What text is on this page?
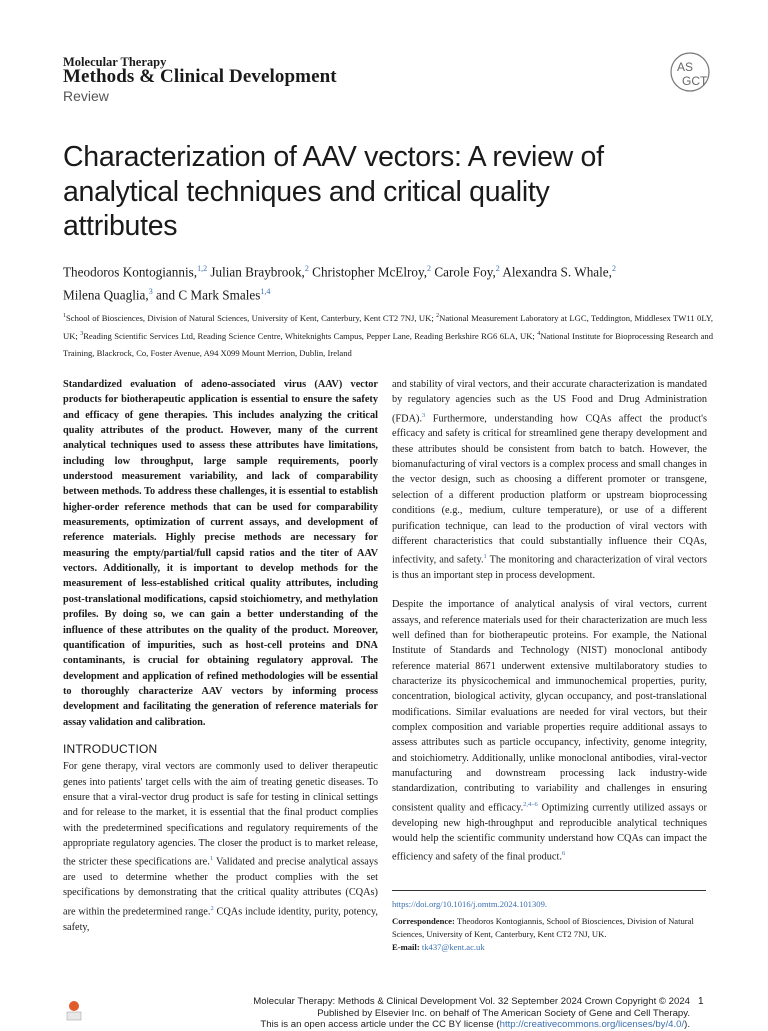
Molecular Therapy
Methods & Clinical Development
Review
AS
GCT
Characterization of AAV vectors: A review of analytical techniques and critical quality attributes
Theodoros Kontogiannis,$^{1,2}$ Julian Braybrook,$^2$ Christopher McElroy,$^2$ Carole Foy,$^2$ Alexandra S. Whale,$^2$
Milena Quaglia,$^3$ and C Mark Smales$^{1,4}$
$^1$School of Biosciences, Division of Natural Sciences, University of Kent, Canterbury, Kent CT2 7NJ, UK; $^2$National Measurement Laboratory at LGC, Teddington, Middlesex TW11 0LY, UK; $^3$Reading Scientific Services Ltd, Reading Science Centre, Whiteknights Campus, Pepper Lane, Reading Berkshire RG6 6LA, UK; $^4$National Institute for Bioprocessing Research and Training, Blackrock, Co, Foster Avenue, A94 X099 Mount Merrion, Dublin, Ireland

Standardized evaluation of adeno-associated virus (AAV) vector products for biotherapeutic application is essential to ensure the safety and efficacy of gene therapies. This includes analyzing the critical quality attributes of the product. However, many of the current analytical techniques used to assess these attributes have limitations, including low throughput, large sample requirements, poorly understood measurement variability, and lack of comparability between methods. To address these challenges, it is essential to establish higher-order reference methods that can be used for comparability measurements, optimization of current assays, and development of reference materials. Highly precise methods are necessary for measuring the empty/partial/full capsid ratios and the titer of AAV vectors. Additionally, it is important to develop methods for the measurement of less-established critical quality attributes, including post-translational modifications, capsid stoichiometry, and methylation profiles. By doing so, we can gain a better understanding of the influence of these attributes on the quality of the product. Moreover, quantification of impurities, such as host-cell proteins and DNA contaminants, is crucial for obtaining regulatory approval. The development and application of refined methodologies will be essential to thoroughly characterize AAV vectors by informing process development and facilitating the generation of reference materials for assay validation and calibration.

INTRODUCTION

For gene therapy, viral vectors are commonly used to deliver therapeutic genes into patients' target cells with the aim of treating genetic diseases. To ensure that a viral-vector drug product is safe for testing in clinical settings and for release to the market, it is essential that the final product complies with the predetermined specifications and regulatory requirements of the appropriate regulatory agencies. The closer the product is to market release, the stricter these specifications are.$^1$ Validated and precise analytical assays are used to determine whether the product complies with the set specifications by demonstrating that the critical quality attributes (CQAs) are within the predetermined range.$^2$ CQAs include identity, purity, potency, safety,

and stability of viral vectors, and their accurate characterization is mandated by regulatory agencies such as the US Food and Drug Administration (FDA).$^3$ Furthermore, understanding how CQAs affect the product's efficacy and safety is critical for streamlined gene therapy development and these attributes should be consistent from batch to batch. However, the biomanufacturing of viral vectors is a complex process and small changes in the vector design, such as choosing a different promoter or transgene, selection of a different production platform or upstream bioprocessing conditions (e.g., medium, culture temperature), or use of a different purification technique, can lead to the production of viral vectors with different characteristics that could substantially influence their CQAs, infectivity, and safety.$^1$ The monitoring and characterization of viral vectors is thus an important step in process development.

Despite the importance of analytical analysis of viral vectors, current assays, and reference materials used for their characterization are much less well defined than for biotherapeutic proteins. For example, the National Institute of Standards and Technology (NIST) monoclonal antibody reference material 8671 underwent extensive multilaboratory studies to characterize its physicochemical and immunochemical properties, purity, concentration, biological activity, glycan occupancy, and post-translational modifications. Similar evaluations are needed for viral vectors, but their complex composition and variable properties require additional assays to assess attributes such as particle occupancy, infectivity, genome integrity, and stoichiometry. Additionally, unlike monoclonal antibodies, viral-vector manufacturing and downstream processing lack industry-wide standardization, contributing to variability and challenges in ensuring consistent quality and efficacy.$^{2,4-6}$ Optimizing currently utilized assays or developing new high-throughput and reproducible analytical techniques would help the scientific community understand how CQAs can impact the efficiency and safety of the final product.$^6$

https://doi.org/10.1016/j.omtm.2024.101309.

Correspondence: Theodoros Kontogiannis, School of Biosciences, Division of Natural Sciences, University of Kent, Canterbury, Kent CT2 7NJ, UK.
E-mail: tk437@kent.ac.uk

Molecular Therapy: Methods & Clinical Development Vol. 32 September 2024 Crown Copyright © 2024
Published by Elsevier Inc. on behalf of The American Society of Gene and Cell Therapy.
This is an open access article under the CC BY license (http://creativecommons.org/licenses/by/4.0/).
1
